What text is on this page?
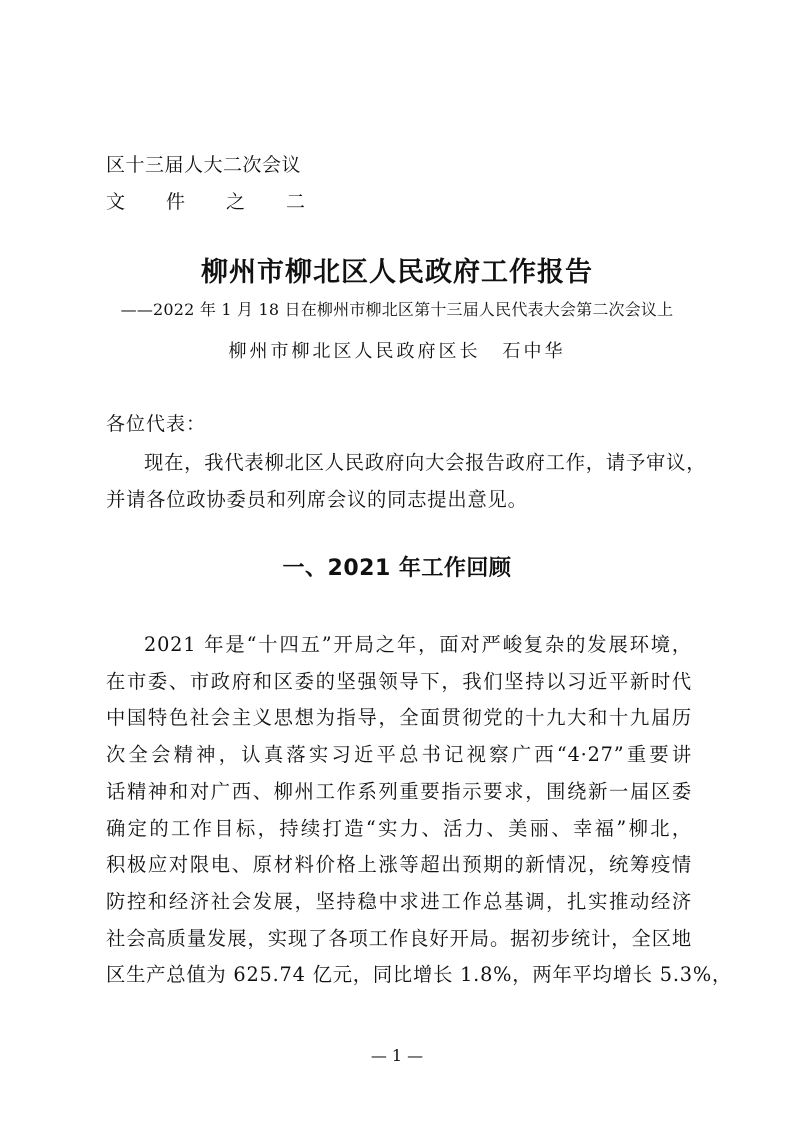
区十三届人大二次会议
文件之二
柳州市柳北区人民政府工作报告
——2022 年 1 月 18 日在柳州市柳北区第十三届人民代表大会第二次会议上
柳州市柳北区人民政府区长 石中华
各位代表：
现在，我代表柳北区人民政府向大会报告政府工作，请予审议，
并请各位政协委员和列席会议的同志提出意见。
一、2021 年工作回顾
2021 年是“十四五”开局之年，面对严峻复杂的发展环境，
在市委、市政府和区委的坚强领导下，我们坚持以习近平新时代
中国特色社会主义思想为指导，全面贯彻党的十九大和十九届历
次全会精神，认真落实习近平总书记视察广西“4·27”重要讲
话精神和对广西、柳州工作系列重要指示要求，围绕新一届区委
确定的工作目标，持续打造“实力、活力、美丽、幸福”柳北，
积极应对限电、原材料价格上涨等超出预期的新情况，统筹疫情
防控和经济社会发展，坚持稳中求进工作总基调，扎实推动经济
社会高质量发展，实现了各项工作良好开局。据初步统计，全区地
区生产总值为 625.74 亿元，同比增长 1.8%，两年平均增长 5.3%，
— 1 —
